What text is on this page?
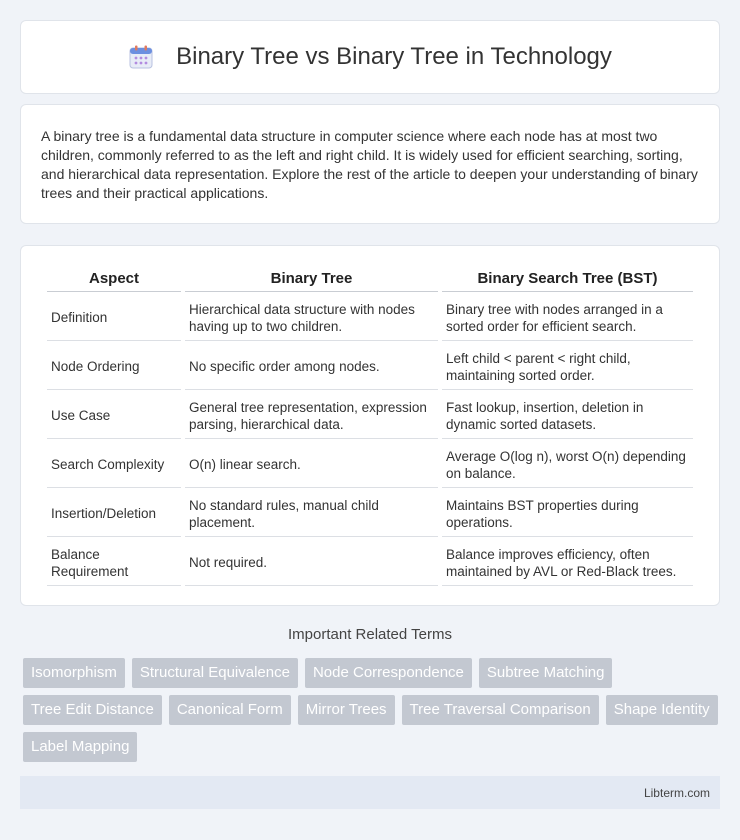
Binary Tree vs Binary Tree in Technology

A binary tree is a fundamental data structure in computer science where each node has at most two children, commonly referred to as the left and right child. It is widely used for efficient searching, sorting, and hierarchical data representation. Explore the rest of the article to deepen your understanding of binary trees and their practical applications.

Aspect	Binary Tree	Binary Search Tree (BST)
Definition	Hierarchical data structure with nodes having up to two children.	Binary tree with nodes arranged in a sorted order for efficient search.
Node Ordering	No specific order among nodes.	Left child < parent < right child, maintaining sorted order.
Use Case	General tree representation, expression parsing, hierarchical data.	Fast lookup, insertion, deletion in dynamic sorted datasets.
Search Complexity	O(n) linear search.	Average O(log n), worst O(n) depending on balance.
Insertion/Deletion	No standard rules, manual child placement.	Maintains BST properties during operations.
Balance Requirement	Not required.	Balance improves efficiency, often maintained by AVL or Red-Black trees.
Important Related Terms
Isomorphism	Structural Equivalence	Node Correspondence	Subtree Matching
Tree Edit Distance	Canonical Form	Mirror Trees	Tree Traversal Comparison	Shape Identity
Label Mapping
Libterm.com
